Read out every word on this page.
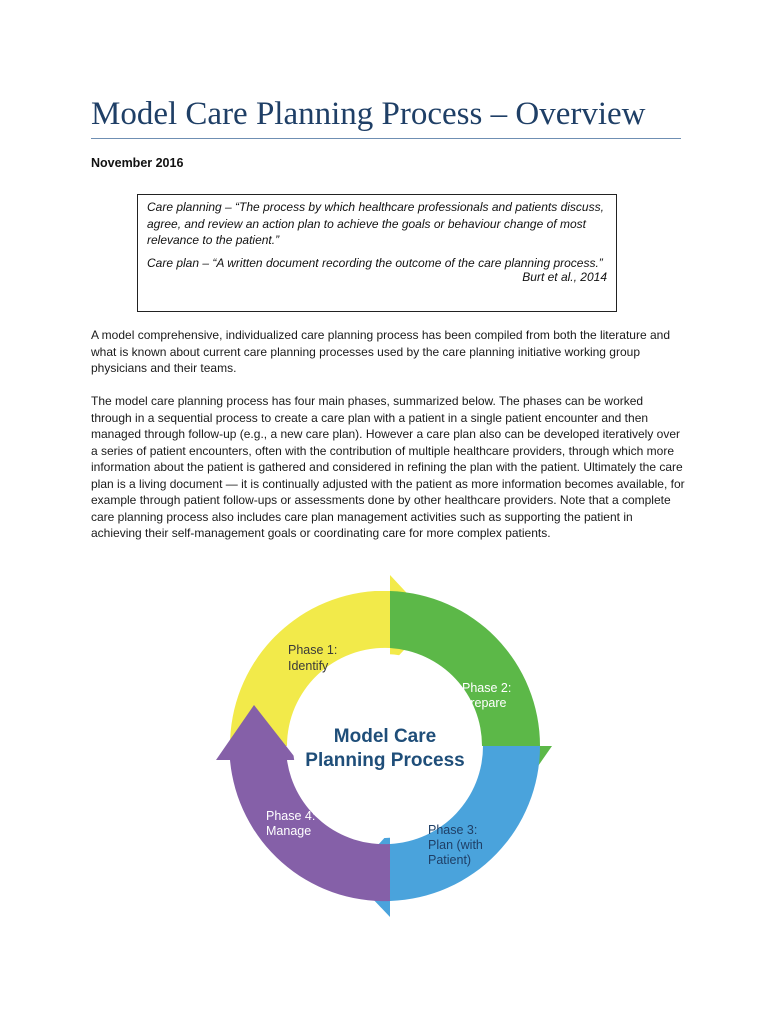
Model Care Planning Process – Overview
November 2016

Care planning – “The process by which healthcare professionals and patients discuss, agree, and review an action plan to achieve the goals or behaviour change of most relevance to the patient.”

Care plan – “A written document recording the outcome of the care planning process.”

Burt et al., 2014

A model comprehensive, individualized care planning process has been compiled from both the literature and what is known about current care planning processes used by the care planning initiative working group physicians and their teams.

The model care planning process has four main phases, summarized below. The phases can be worked through in a sequential process to create a care plan with a patient in a single patient encounter and then managed through follow-up (e.g., a new care plan). However a care plan also can be developed iteratively over a series of patient encounters, often with the contribution of multiple healthcare providers, through which more information about the patient is gathered and considered in refining the plan with the patient. Ultimately the care plan is a living document — it is continually adjusted with the patient as more information becomes available, for example through patient follow-ups or assessments done by other healthcare providers. Note that a complete care planning process also includes care plan management activities such as supporting the patient in achieving their self-management goals or coordinating care for more complex patients.

Model Care
Planning Process
Phase 1:
Identify
Phase 2:
Prepare
Phase 3:
Plan (with
Patient)
Phase 4:
Manage
